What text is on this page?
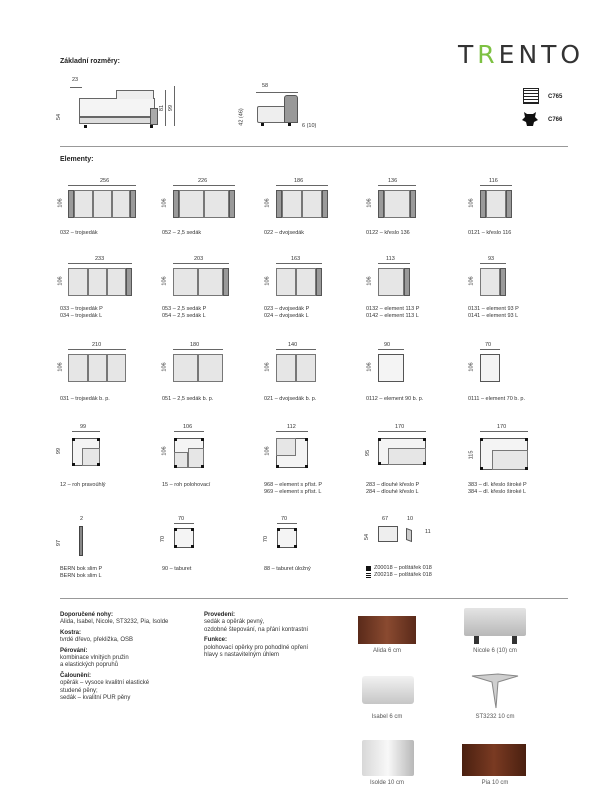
TRENTO
Základní rozměry:
23
54
81 99
58
42 (46)
6 (10)
C765
C766
Elementy:
256
106
032 – trojsedák
226
106
052 – 2,5 sedák
186
106
022 – dvojsedák
136
106
0122 – křeslo 136
116
106
0121 – křeslo 116
233
106
033 – trojsedák P
034 – trojsedák L
203
106
053 – 2,5 sedák P
054 – 2,5 sedák L
163
106
023 – dvojsedák P
024 – dvojsedák L
113
106
0132 – element 113 P
0142 – element 113 L
93
106
0131 – element 93 P
0141 – element 93 L
210
106
031 – trojsedák b. p.
180
106
051 – 2,5 sedák b. p.
140
106
021 – dvojsedák b. p.
90
106
0112 – element 90 b. p.
70
106
0111 – element 70 b. p.
99
99
12 – roh pravoúhlý
106
106
15 – roh polohovací
112
106
968 – element s příst. P
969 – element s příst. L
170
95
283 – dlouhé křeslo P
284 – dlouhé křeslo L
170
115
383 – dl. křeslo široké P
384 – dl. křeslo široké L
2
97
BERN bok slim P
BERN bok slim L
70
70
90 – taburet
70
70
88 – taburet úložný
67	10
11
54
Z00018 – polštářek 018
Z00218 – polštářek 018
Doporučené nohy:
Alida, Isabel, Nicole, ST3232, Pia, Isolde
Kostra:
tvrdé dřevo, překližka, OSB
Pérování:
kombinace vlnitých pružin
a elastických popruhů
Čalounění:
opěrák – vysoce kvalitní elastické
studené pěny;
sedák – kvalitní PUR pěny
Provedení:
sedák a opěrák pevný,
ozdobné štepování, na přání kontrastní
Funkce:
polohovací opěrky pro pohodlné opření
hlavy s nastavitelným úhlem
Alida 6 cm	Nicole 6 (10) cm
Isabel 6 cm	ST3232 10 cm
Isolde 10 cm	Pia 10 cm
